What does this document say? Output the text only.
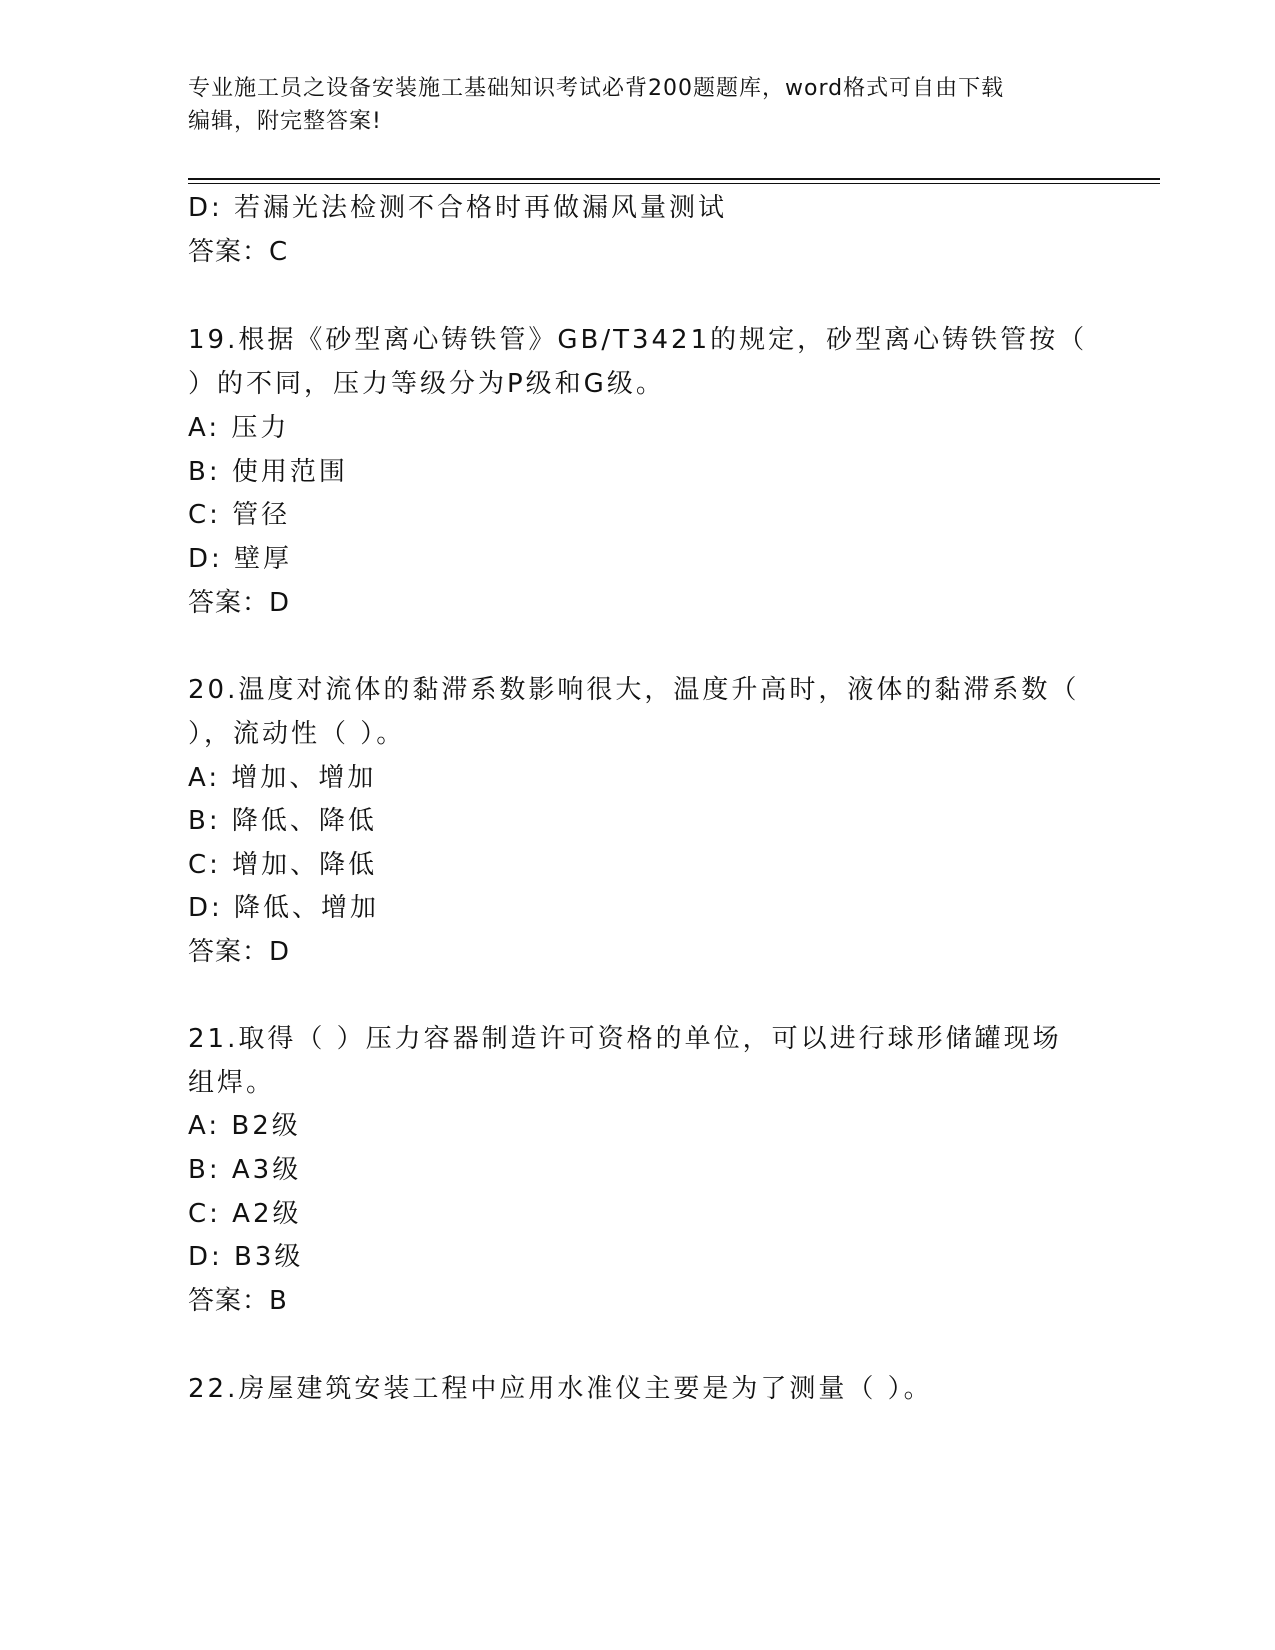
专业施工员之设备安装施工基础知识考试必背200题题库，word格式可自由下载
编辑，附完整答案!
D: 若漏光法检测不合格时再做漏风量测试
答案：C
19.根据《砂型离心铸铁管》GB/T3421的规定，砂型离心铸铁管按（
）的不同，压力等级分为P级和G级。
A: 压力
B: 使用范围
C: 管径
D: 壁厚
答案：D
20.温度对流体的黏滞系数影响很大，温度升高时，液体的黏滞系数（
），流动性（ ）。
A: 增加、增加
B: 降低、降低
C: 增加、降低
D: 降低、增加
答案：D
21.取得（ ）压力容器制造许可资格的单位，可以进行球形储罐现场
组焊。
A: B2级
B: A3级
C: A2级
D: B3级
答案：B
22.房屋建筑安装工程中应用水准仪主要是为了测量（ ）。
